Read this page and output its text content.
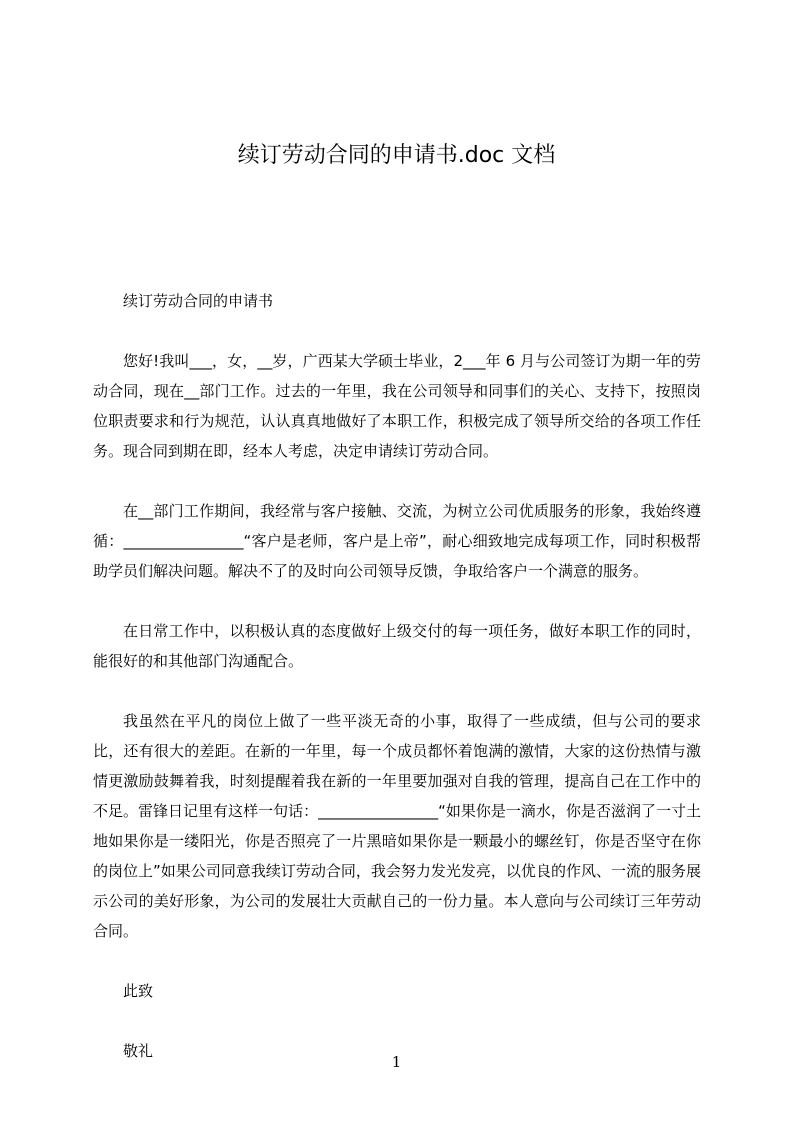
续订劳动合同的申请书.doc 文档

续订劳动合同的申请书

您好!我叫___，女，__岁，广西某大学硕士毕业，2___年 6 月与公司签订为期一年的劳动合同，现在__部门工作。过去的一年里，我在公司领导和同事们的关心、支持下，按照岗位职责要求和行为规范，认认真真地做好了本职工作，积极完成了领导所交给的各项工作任务。现合同到期在即，经本人考虑，决定申请续订劳动合同。

在__部门工作期间，我经常与客户接触、交流，为树立公司优质服务的形象，我始终遵循：________________“客户是老师，客户是上帝”，耐心细致地完成每项工作，同时积极帮助学员们解决问题。解决不了的及时向公司领导反馈，争取给客户一个满意的服务。

在日常工作中，以积极认真的态度做好上级交付的每一项任务，做好本职工作的同时，能很好的和其他部门沟通配合。

我虽然在平凡的岗位上做了一些平淡无奇的小事，取得了一些成绩，但与公司的要求比，还有很大的差距。在新的一年里，每一个成员都怀着饱满的激情，大家的这份热情与激情更激励鼓舞着我，时刻提醒着我在新的一年里要加强对自我的管理，提高自己在工作中的不足。雷锋日记里有这样一句话：________________“如果你是一滴水，你是否滋润了一寸土地如果你是一缕阳光，你是否照亮了一片黑暗如果你是一颗最小的螺丝钉，你是否坚守在你的岗位上”如果公司同意我续订劳动合同，我会努力发光发亮，以优良的作风、一流的服务展示公司的美好形象，为公司的发展壮大贡献自己的一份力量。本人意向与公司续订三年劳动合同。

此致

敬礼

1
